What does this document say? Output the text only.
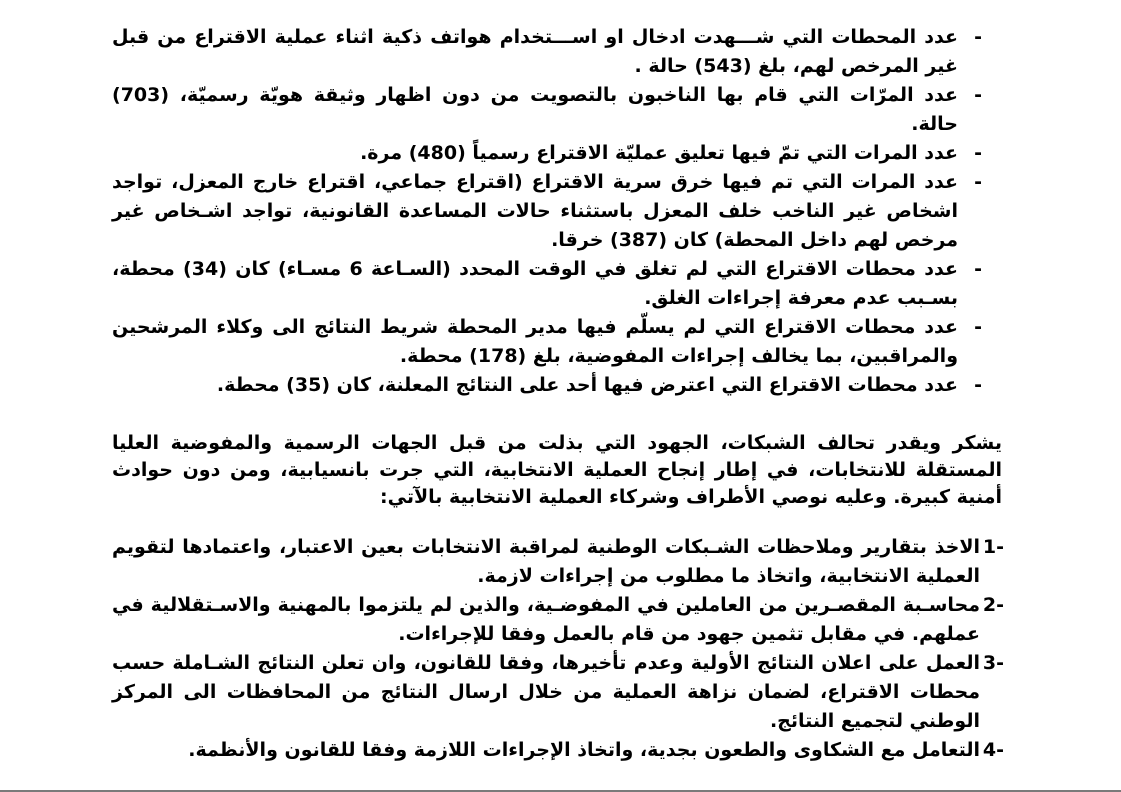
-
عدد المحطات التي شـــهدت ادخال او اســـتخدام هواتف ذكية اثناء عملية الاقتراع من قبل غير المرخص لهم، بلغ (543) حالة .
-
عدد المرّات التي قام بها الناخبون بالتصويت من دون اظهار وثيقة هويّة رسميّة، (703) حالة.
-
عدد المرات التي تمّ فيها تعليق عمليّة الاقتراع رسمياً (480) مرة.
-
عدد المرات التي تم فيها خرق سرية الاقتراع (اقتراع جماعي، اقتراع خارج المعزل، تواجد اشخاص غير الناخب خلف المعزل باستثناء حالات المساعدة القانونية، تواجد اشـخاص غير مرخص لهم داخل المحطة) كان (387) خرقا.
-
عدد محطات الاقتراع التي لم تغلق في الوقت المحدد (السـاعة 6 مسـاء) كان (34) محطة، بسـبب عدم معرفة إجراءات الغلق.
-
عدد محطات الاقتراع التي لم يسلّم فيها مدير المحطة شريط النتائج الى وكلاء المرشحين والمراقبين، بما يخالف إجراءات المفوضية، بلغ (178) محطة.
-
عدد محطات الاقتراع التي اعترض فيها أحد على النتائج المعلنة، كان (35) محطة.

يشكر ويقدر تحالف الشبكات، الجهود التي بذلت من قبل الجهات الرسمية والمفوضية العليا المستقلة للانتخابات، في إطار إنجاح العملية الانتخابية، التي جرت بانسيابية، ومن دون حوادث أمنية كبيرة. وعليه نوصي الأطراف وشركاء العملية الانتخابية بالآتي:

1-
الاخذ بتقارير وملاحظات الشـبكات الوطنية لمراقبة الانتخابات بعين الاعتبار، واعتمادها لتقويم العملية الانتخابية، واتخاذ ما مطلوب من إجراءات لازمة.
2-
محاسـبة المقصـرين من العاملين في المفوضـية، والذين لم يلتزموا بالمهنية والاسـتقلالية في عملهم. في مقابل تثمين جهود من قام بالعمل وفقا للإجراءات.
3-
العمل على اعلان النتائج الأولية وعدم تأخيرها، وفقا للقانون، وان تعلن النتائج الشـاملة حسب محطات الاقتراع، لضمان نزاهة العملية من خلال ارسال النتائج من المحافظات الى المركز الوطني لتجميع النتائج.
4-
التعامل مع الشكاوى والطعون بجدية، واتخاذ الإجراءات اللازمة وفقا للقانون والأنظمة.
